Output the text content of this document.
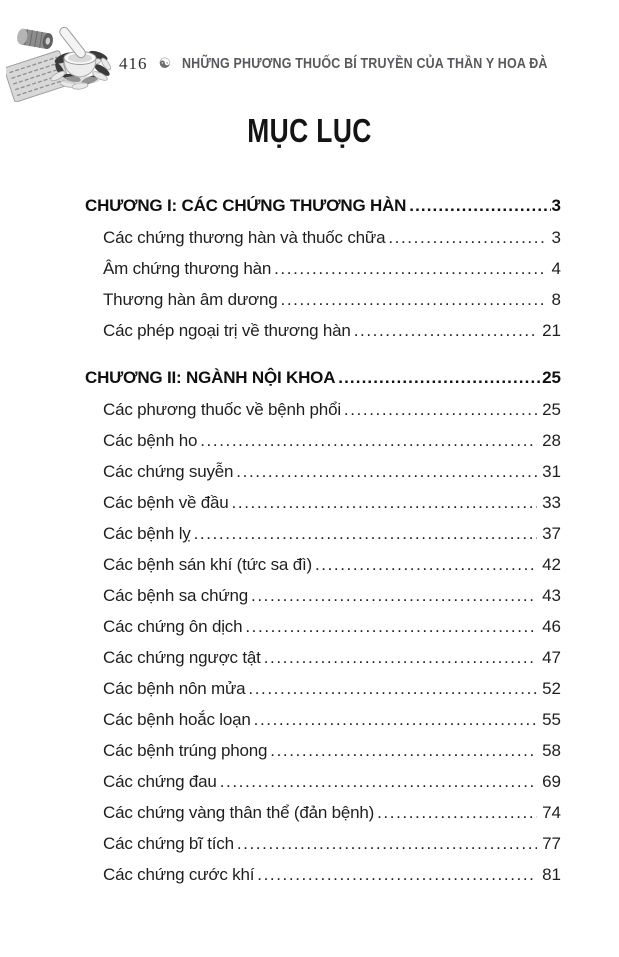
416 ☯ NHỮNG PHƯƠNG THUỐC BÍ TRUYỀN CỦA THẦN Y HOA ĐÀ
MỤC LỤC
CHƯƠNG I: CÁC CHỨNG THƯƠNG HÀN .....	3
Các chứng thương hàn và thuốc chữa .....	3
Âm chứng thương hàn .....	4
Thương hàn âm dương .....	8
Các phép ngoại trị về thương hàn .....	21
CHƯƠNG II: NGÀNH NỘI KHOA .....	25
Các phương thuốc về bệnh phổi .....	25
Các bệnh ho .....	28
Các chứng suyễn .....	31
Các bệnh về đầu .....	33
Các bệnh lỵ .....	37
Các bệnh sán khí (tức sa đì) .....	42
Các bệnh sa chứng .....	43
Các chứng ôn dịch .....	46
Các chứng ngược tật .....	47
Các bệnh nôn mửa .....	52
Các bệnh hoắc loạn .....	55
Các bệnh trúng phong .....	58
Các chứng đau .....	69
Các chứng vàng thân thể (đản bệnh) .....	74
Các chứng bĩ tích .....	77
Các chứng cước khí .....	81
